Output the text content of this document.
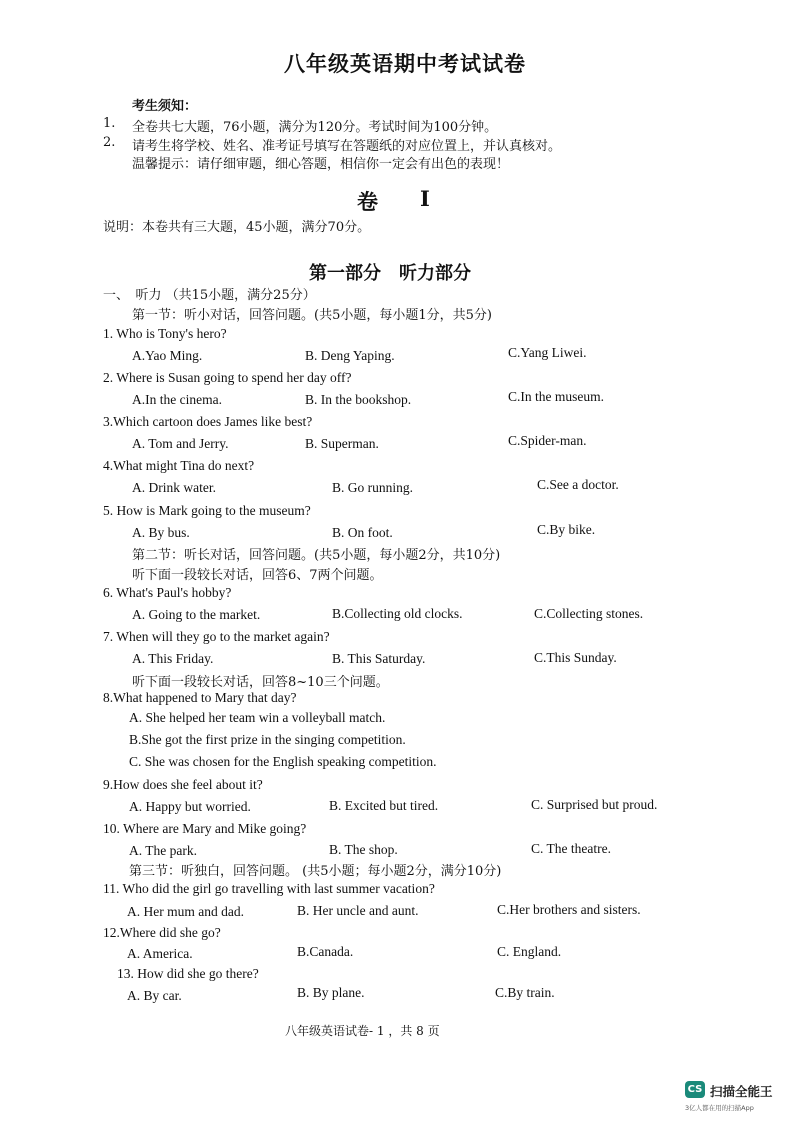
八年级英语期中考试试卷
考生须知：
1. 全卷共七大题，76小题，满分为120分。考试时间为100分钟。
2. 请考生将学校、姓名、准考证号填写在答题纸的对应位置上，并认真核对。
温馨提示：请仔细审题，细心答题，相信你一定会有出色的表现！
卷 I
说明：本卷共有三大题，45小题，满分70分。
第一部分　听力部分
一、　听力 （共15小题，满分25分）
第一节：听小对话，回答问题。(共5小题，每小题1分，共5分)
1. Who is Tony's hero?
A.Yao Ming.	B. Deng Yaping.	C.Yang Liwei.
2. Where is Susan going to spend her day off?
A.In the cinema.	B. In the bookshop.	C.In the museum.
3.Which cartoon does James like best?
A. Tom and Jerry.	B. Superman.	C.Spider-man.
4.What might Tina do next?
A. Drink water.	B. Go running.	C.See a doctor.
5. How is Mark going to the museum?
A. By bus.	B. On foot.	C.By bike.
第二节：听长对话，回答问题。(共5小题，每小题2分，共10分)
听下面一段较长对话，回答6、7两个问题。
6. What's Paul's hobby?
A. Going to the market.	B.Collecting old clocks.	C.Collecting stones.
7. When will they go to the market again?
A. This Friday.	B. This Saturday.	C.This Sunday.
听下面一段较长对话，回答8~10三个问题。
8.What happened to Mary that day?
A. She helped her team win a volleyball match.
B.She got the first prize in the singing competition.
C. She was chosen for the English speaking competition.
9.How does she feel about it?
A. Happy but worried.	B. Excited but tired.	C. Surprised but proud.
10. Where are Mary and Mike going?
A. The park.	B. The shop.	C. The theatre.
第三节：听独白，回答问题。 (共5小题；每小题2分，满分10分)
11. Who did the girl go travelling with last summer vacation?
A. Her mum and dad.	B. Her uncle and aunt.	C.Her brothers and sisters.
12.Where did she go?
A. America.	B.Canada.	C. England.
13. How did she go there?
A. By car.	B. By plane.	C.By train.
八年级英语试卷- 1 ，共 8 页
CS 扫描全能王
3亿人都在用的扫描App
